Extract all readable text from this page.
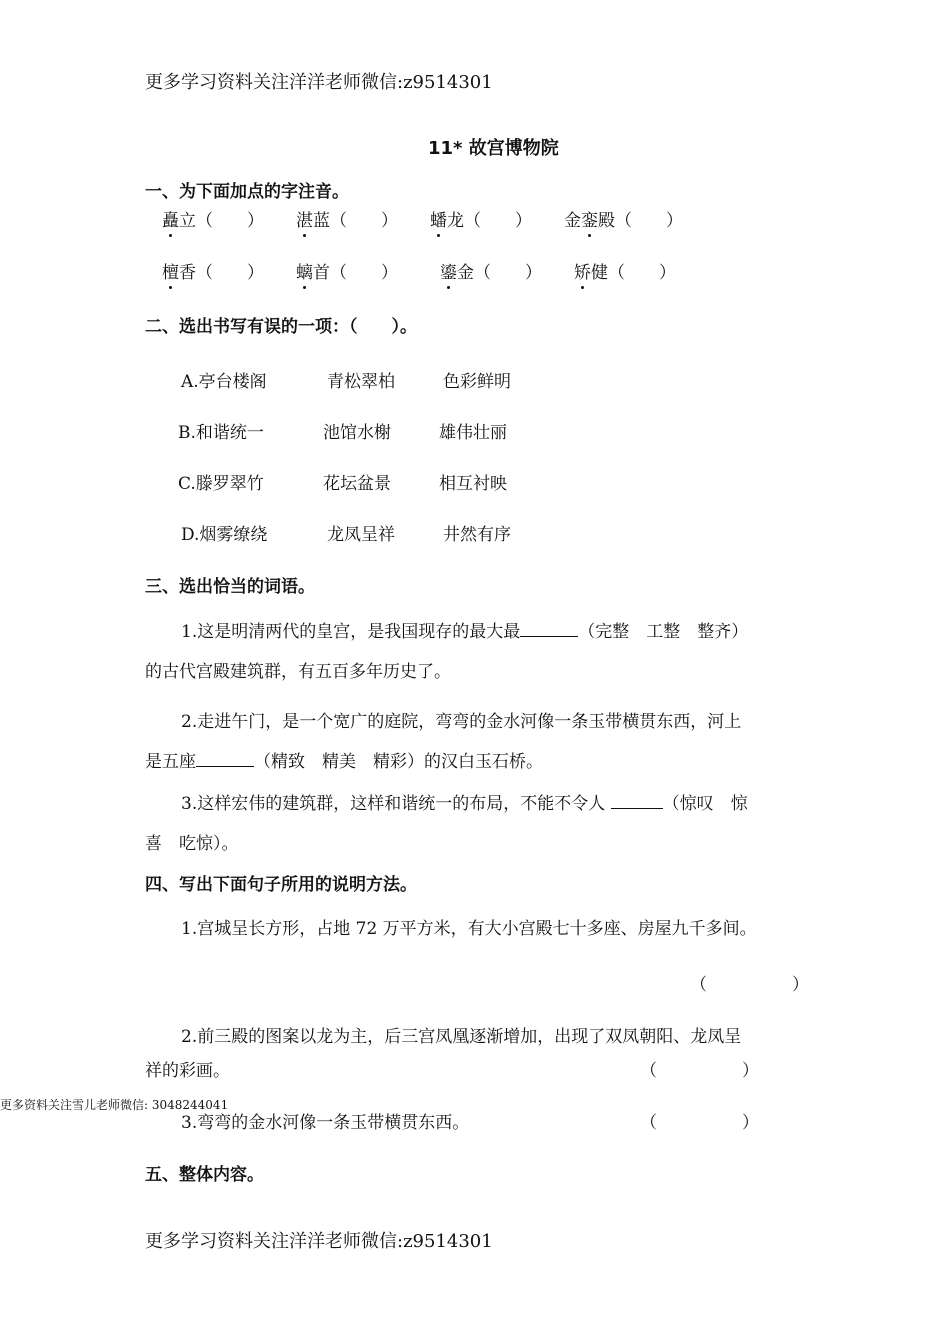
更多学习资料关注洋洋老师微信:z9514301
更多资料关注雪儿老师微信: 3048244041
更多学习资料关注洋洋老师微信:z9514301
11* 故宫博物院
一、为下面加点的字注音。
矗立（　　） 湛蓝（　　） 蟠龙（　　） 金銮殿（　　）
檀香（　　） 螭首（　　） 鎏金（　　） 矫健（　　）
二、选出书写有误的一项：（　　）。
A.亭台楼阁	青松翠柏	色彩鲜明
B.和谐统一	池馆水榭	雄伟壮丽
C.滕罗翠竹	花坛盆景	相互衬映
D.烟雾缭绕	龙凤呈祥	井然有序
三、选出恰当的词语。
1.这是明清两代的皇宫，是我国现存的最大最	（完整　工整　整齐）
的古代宫殿建筑群，有五百多年历史了。
2.走进午门，是一个宽广的庭院，弯弯的金水河像一条玉带横贯东西，河上
是五座	（精致　精美　精彩）的汉白玉石桥。
3.这样宏伟的建筑群，这样和谐统一的布局，不能不令人	（惊叹　惊
喜　吃惊）。
四、写出下面句子所用的说明方法。
1.宫城呈长方形，占地 72 万平方米，有大小宫殿七十多座、房屋九千多间。
（　　　　　）
2.前三殿的图案以龙为主，后三宫凤凰逐渐增加，出现了双凤朝阳、龙凤呈
祥的彩画。	（　　　　　）
3.弯弯的金水河像一条玉带横贯东西。	（　　　　　）
五、整体内容。
